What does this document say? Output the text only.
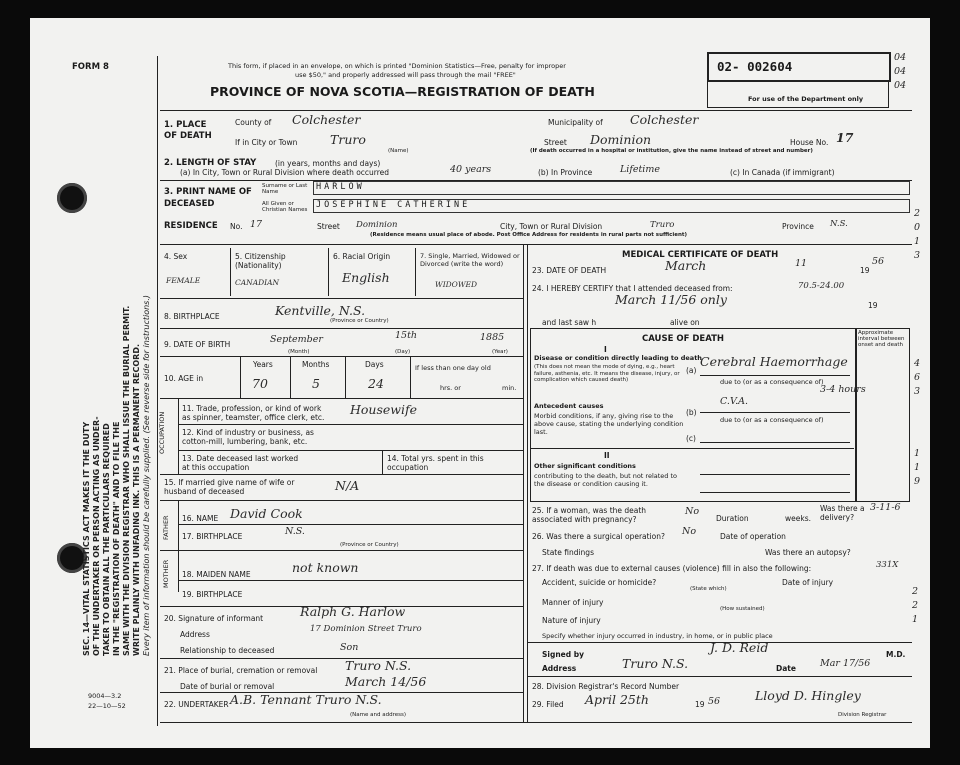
FORM 8
SEC. 14—VITAL STATISTICS ACT MAKES IT THE DUTY OF THE UNDERTAKER OR PERSON ACTING AS UNDER- TAKER TO OBTAIN ALL THE PARTICULARS REQUIRED IN THE "REGISTRATION OF DEATH" AND TO FILE THE SAME WITH THE DIVISION REGISTRAR WHO SHALL ISSUE THE BURIAL PERMIT. WRITE PLAINLY WITH UNFADING INK. THIS IS A PERMANENT RECORD. Every item of information should be carefully supplied. (See reverse side for instructions.)
This form, if placed in an envelope, on which is printed "Dominion Statistics—Free, penalty for improper
use $50," and properly addressed will pass through the mail "FREE"
PROVINCE OF NOVA SCOTIA—REGISTRATION OF DEATH
02- 002604
For use of the Department only
04
04
04
1. PLACE OF DEATH
County of Colchester	Municipality of Colchester
If in City or Town	Truro
(Name)
Street Dominion	House No. 17
(If death occurred in a hospital or institution, give the name instead of street and number)
2. LENGTH OF STAY (in years, months and days)
(a) In City, Town or Rural Division where death occurred	40 years	(b) In Province	Lifetime	(c) In Canada (if immigrant)
3. PRINT NAME OF DECEASED
Surname or Last Name
All Given or Christian Names
HARLOW
JOSEPHINE CATHERINE
RESIDENCE No. 17	Street Dominion	City, Town or Rural Division	Truro	Province N.S.
(Residence means usual place of abode. Post Office Address for residents in rural parts not sufficient)
2
0
1
3
4. Sex
FEMALE
5. Citizenship (Nationality)
CANADIAN
6. Racial Origin
English
7. Single, Married, Widowed or Divorced (write the word)
WIDOWED
8. BIRTHPLACE	Kentville, N.S.
(Province or Country)
9. DATE OF BIRTH	September	15th	1885
(Month)	(Day)	(Year)
10. AGE in
Years	Months	Days
70	5	24
If less than one day old
hrs. or	min.
OCCUPATION
11. Trade, profession, or kind of work as spinner, teamster, office clerk, etc.
Housewife
12. Kind of industry or business, as cotton-mill, lumbering, bank, etc.
13. Date deceased last worked at this occupation
14. Total yrs. spent in this occupation
15. If married give name of wife or husband of deceased	N/A
FATHER
MOTHER
16. NAME David Cook
17. BIRTHPLACE	N.S.
(Province or Country)
18. MAIDEN NAME	not known
19. BIRTHPLACE
20. Signature of informant	Ralph G. Harlow
Address
17 Dominion Street Truro
Relationship to deceased	Son
21. Place of burial, cremation or removal Truro N.S.
Date of burial or removal	March 14/56
22. UNDERTAKER A.B. Tennant Truro N.S.
(Name and address)
9004—3.2
22—10—52
MEDICAL CERTIFICATE OF DEATH
23. DATE OF DEATH	March	11
19
56
24. I HEREBY CERTIFY that I attended deceased from:	70.5-24.00
March 11/56 only	19
and last saw h	alive on
CAUSE OF DEATH
Approximate interval between onset and death
I
Disease or condition directly leading to death
(This does not mean the mode of dying, e.g., heart failure, asthenia, etc. It means the disease, injury, or complication which caused death)
(a)
Cerebral Haemorrhage
due to (or as a consequence of)
3-4 hours
Antecedent causes
Morbid conditions, if any, giving rise to the above cause, stating the underlying condition last.
(b)
C.V.A.
due to (or as a consequence of)
(c)
II
Other significant conditions
contributing to the death, but not related to the disease or condition causing it.
4
6
3
1
1
9
25. If a woman, was the death associated with pregnancy?
No
Duration	weeks.
Was there a delivery?
3-11-6
26. Was there a surgical operation? No	Date of operation
State findings	Was there an autopsy?
27. If death was due to external causes (violence) fill in also the following:	331X
Accident, suicide or homicide?
(State which)
Date of injury
Manner of injury
(How sustained)
Nature of injury
Specify whether injury occurred in industry, in home, or in public place
Signed by	J. D. Reid	M.D.
Address	Truro N.S.	Date	Mar 17/56
28. Division Registrar's Record Number
29. Filed April 25th	19 56	Lloyd D. Hingley
Division Registrar
2
2
1
